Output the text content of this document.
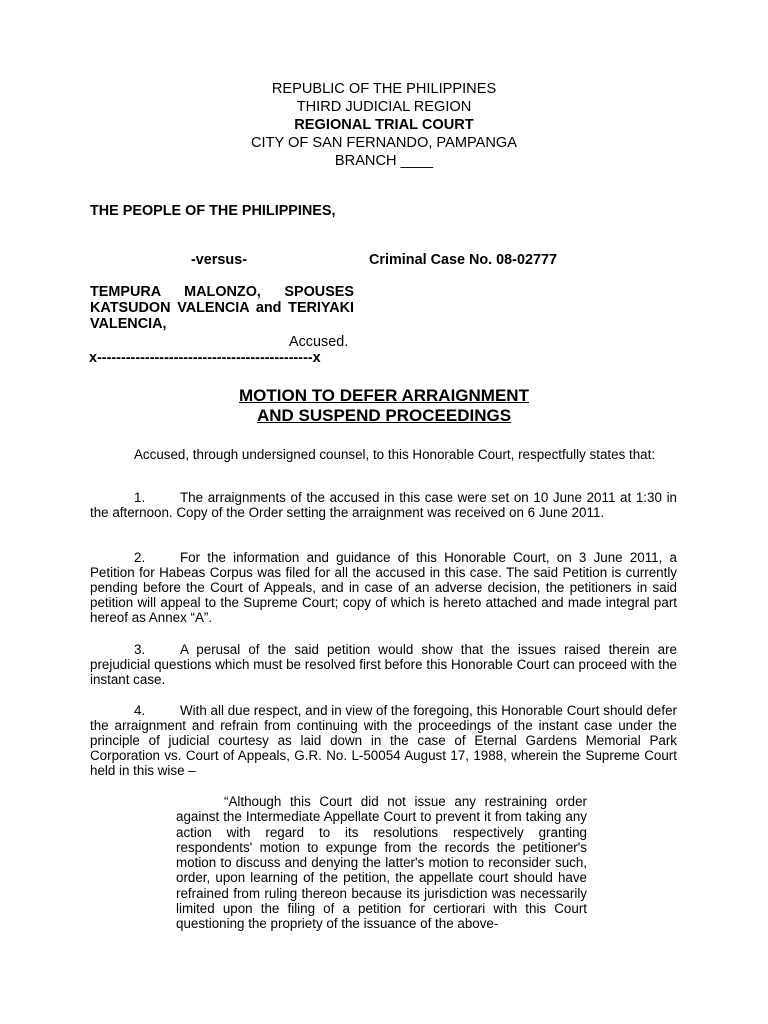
REPUBLIC OF THE PHILIPPINES
THIRD JUDICIAL REGION
REGIONAL TRIAL COURT
CITY OF SAN FERNANDO, PAMPANGA
BRANCH ____
THE PEOPLE OF THE PHILIPPINES,
-versus-	Criminal Case No. 08-02777
TEMPURA MALONZO, SPOUSES KATSUDON VALENCIA and TERIYAKI VALENCIA,
Accused.
x---------------------------------------------x
MOTION TO DEFER ARRAIGNMENT
AND SUSPEND PROCEEDINGS
Accused, through undersigned counsel, to this Honorable Court, respectfully states that:
1.	The arraignments of the accused in this case were set on 10 June 2011 at 1:30 in the afternoon. Copy of the Order setting the arraignment was received on 6 June 2011.
2.	For the information and guidance of this Honorable Court, on 3 June 2011, a Petition for Habeas Corpus was filed for all the accused in this case. The said Petition is currently pending before the Court of Appeals, and in case of an adverse decision, the petitioners in said petition will appeal to the Supreme Court; copy of which is hereto attached and made integral part hereof as Annex “A”.
3.	A perusal of the said petition would show that the issues raised therein are prejudicial questions which must be resolved first before this Honorable Court can proceed with the instant case.
4.	With all due respect, and in view of the foregoing, this Honorable Court should defer the arraignment and refrain from continuing with the proceedings of the instant case under the principle of judicial courtesy as laid down in the case of Eternal Gardens Memorial Park Corporation vs. Court of Appeals, G.R. No. L-50054 August 17, 1988, wherein the Supreme Court held in this wise –
“Although this Court did not issue any restraining order against the Intermediate Appellate Court to prevent it from taking any action with regard to its resolutions respectively granting respondents' motion to expunge from the records the petitioner's motion to discuss and denying the latter's motion to reconsider such, order, upon learning of the petition, the appellate court should have refrained from ruling thereon because its jurisdiction was necessarily limited upon the filing of a petition for certiorari with this Court questioning the propriety of the issuance of the above-
